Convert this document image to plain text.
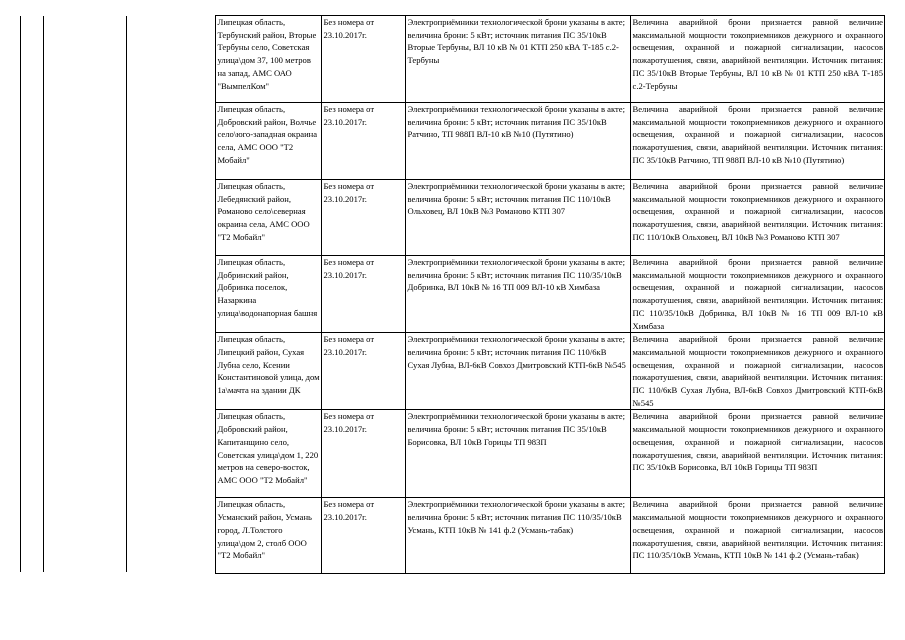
Липецкая область, Тербунский район, Вторые Тербуны село, Советская улица\дом 37, 100 метров на запад, АМС ОАО "ВымпелКом"	Без номера от 23.10.2017г.	Электроприёмники технологической брони указаны в акте; величина брони: 5 кВт; источник питания ПС 35/10кВ Вторые Тербуны, ВЛ 10 кВ № 01 КТП 250 кВА Т-185 с.2-Тербуны	Величина аварийной брони признается равной величине максимальной мощности токоприемников дежурного и охранного освещения, охранной и пожарной сигнализации, насосов пожаротушения, связи, аварийной вентиляции. Источник питания: ПС 35/10кВ Вторые Тербуны, ВЛ 10 кВ № 01 КТП 250 кВА Т-185 с.2-Тербуны
Липецкая область, Добровский район, Волчье село\юго-западная окраина села, АМС ООО "Т2 Мобайл"	Без номера от 23.10.2017г.	Электроприёмники технологической брони указаны в акте; величина брони: 5 кВт; источник питания ПС 35/10кВ Ратчино, ТП 988П ВЛ-10 кВ №10 (Путятино)	Величина аварийной брони признается равной величине максимальной мощности токоприемников дежурного и охранного освещения, охранной и пожарной сигнализации, насосов пожаротушения, связи, аварийной вентиляции. Источник питания: ПС 35/10кВ Ратчино, ТП 988П ВЛ-10 кВ №10 (Путятино)
Липецкая область, Лебедянский район, Романово село\северная окраина села, АМС ООО "Т2 Мобайл"	Без номера от 23.10.2017г.	Электроприёмники технологической брони указаны в акте; величина брони: 5 кВт; источник питания ПС 110/10кВ Ольховец, ВЛ 10кВ №3 Романово КТП 307	Величина аварийной брони признается равной величине максимальной мощности токоприемников дежурного и охранного освещения, охранной и пожарной сигнализации, насосов пожаротушения, связи, аварийной вентиляции. Источник питания: ПС 110/10кВ Ольховец, ВЛ 10кВ №3 Романово КТП 307
Липецкая область, Добринский район, Добринка поселок, Назаркина улица\водонапорная башня	Без номера от 23.10.2017г.	Электроприёмники технологической брони указаны в акте; величина брони: 5 кВт; источник питания ПС 110/35/10кВ Добринка, ВЛ 10кВ № 16 ТП 009 ВЛ-10 кВ Химбаза	Величина аварийной брони признается равной величине максимальной мощности токоприемников дежурного и охранного освещения, охранной и пожарной сигнализации, насосов пожаротушения, связи, аварийной вентиляции. Источник питания: ПС 110/35/10кВ Добринка, ВЛ 10кВ № 16 ТП 009 ВЛ-10 кВ Химбаза
Липецкая область, Липецкий район, Сухая Лубна село, Ксении Константиновой улица, дом 1а\мачта на здании ДК	Без номера от 23.10.2017г.	Электроприёмники технологической брони указаны в акте; величина брони: 5 кВт; источник питания ПС 110/6кВ Сухая Лубна, ВЛ-6кВ Совхоз Дмитровский КТП-6кВ №545	Величина аварийной брони признается равной величине максимальной мощности токоприемников дежурного и охранного освещения, охранной и пожарной сигнализации, насосов пожаротушения, связи, аварийной вентиляции. Источник питания: ПС 110/6кВ Сухая Лубна, ВЛ-6кВ Совхоз Дмитровский КТП-6кВ №545
Липецкая область, Добровский район, Капитанщино село, Советская улица\дом 1, 220 метров на северо-восток, АМС ООО "Т2 Мобайл"	Без номера от 23.10.2017г.	Электроприёмники технологической брони указаны в акте; величина брони: 5 кВт; источник питания ПС 35/10кВ Борисовка, ВЛ 10кВ Горицы ТП 983П	Величина аварийной брони признается равной величине максимальной мощности токоприемников дежурного и охранного освещения, охранной и пожарной сигнализации, насосов пожаротушения, связи, аварийной вентиляции. Источник питания: ПС 35/10кВ Борисовка, ВЛ 10кВ Горицы ТП 983П
Липецкая область, Усманский район, Усмань город, Л.Толстого улица\дом 2, столб ООО "Т2 Мобайл"	Без номера от 23.10.2017г.	Электроприёмники технологической брони указаны в акте; величина брони: 5 кВт; источник питания ПС 110/35/10кВ Усмань, КТП 10кВ № 141 ф.2 (Усмань-табак)	Величина аварийной брони признается равной величине максимальной мощности токоприемников дежурного и охранного освещения, охранной и пожарной сигнализации, насосов пожаротушения, связи, аварийной вентиляции. Источник питания: ПС 110/35/10кВ Усмань, КТП 10кВ № 141 ф.2 (Усмань-табак)
